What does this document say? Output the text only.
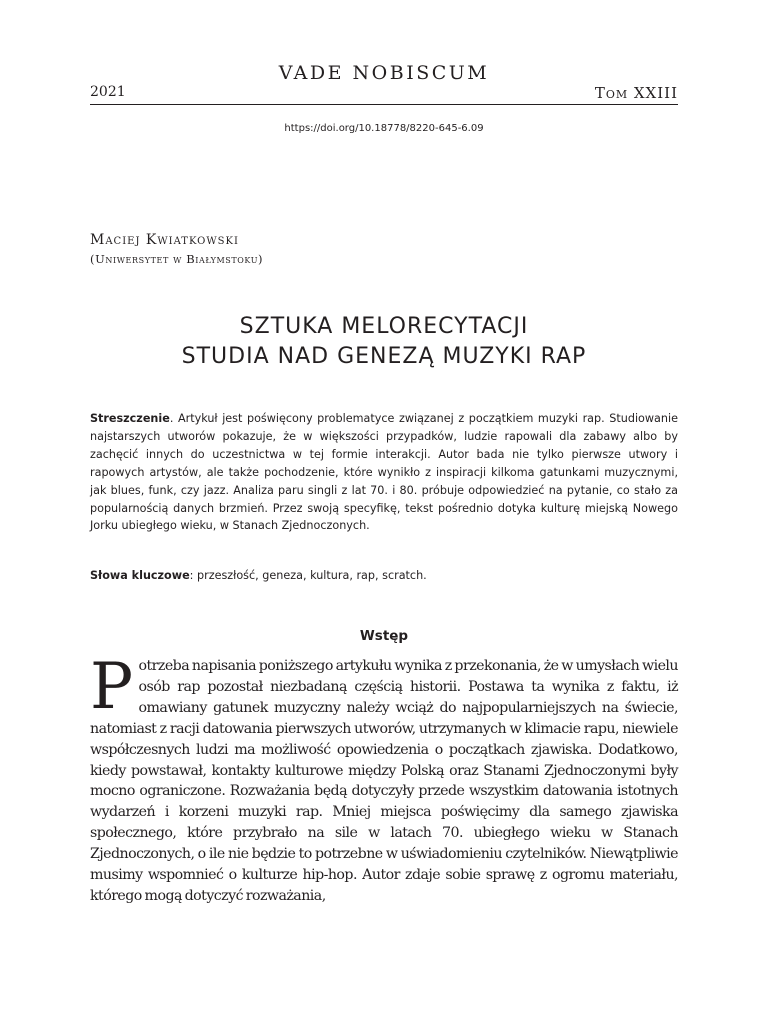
VADE NOBISCUM
2021	Tom XXIII
https://doi.org/10.18778/8220-645-6.09
Maciej Kwiatkowski
(Uniwersytet w Białymstoku)
SZTUKA MELORECYTACJI
STUDIA NAD GENEZĄ MUZYKI RAP
Streszczenie. Artykuł jest poświęcony problematyce związanej z początkiem muzyki rap. Studiowanie najstarszych utworów pokazuje, że w większości przypadków, ludzie rapowali dla zabawy albo by zachęcić innych do uczestnictwa w tej formie interakcji. Autor bada nie tylko pierwsze utwory i rapowych artystów, ale także pochodzenie, które wynikło z inspiracji kilkoma gatunkami muzycznymi, jak blues, funk, czy jazz. Analiza paru singli z lat 70. i 80. próbuje odpowiedzieć na pytanie, co stało za popularnością danych brzmień. Przez swoją specyfikę, tekst pośrednio dotyka kulturę miejską Nowego Jorku ubiegłego wieku, w Stanach Zjednoczonych.
Słowa kluczowe: przeszłość, geneza, kultura, rap, scratch.
Wstęp
Potrzeba napisania poniższego artykułu wynika z przekonania, że w umysłach wielu osób rap pozostał niezbadaną częścią historii. Postawa ta wynika z faktu, iż omawiany gatunek muzyczny należy wciąż do najpopularniejszych na świecie, natomiast z racji datowania pierwszych utworów, utrzymanych w klimacie rapu, niewiele współczesnych ludzi ma możliwość opowiedzenia o początkach zjawiska. Dodatkowo, kiedy powstawał, kontakty kulturowe między Polską oraz Stanami Zjednoczonymi były mocno ograniczone. Rozważania będą dotyczyły przede wszystkim datowania istotnych wydarzeń i korzeni muzyki rap. Mniej miejsca poświęcimy dla samego zjawiska społecznego, które przybrało na sile w latach 70. ubiegłego wieku w Stanach Zjednoczonych, o ile nie będzie to potrzebne w uświadomieniu czytelników. Niewątpliwie musimy wspomnieć o kulturze hip-hop. Autor zdaje sobie sprawę z ogromu materiału, którego mogą dotyczyć rozważania,
